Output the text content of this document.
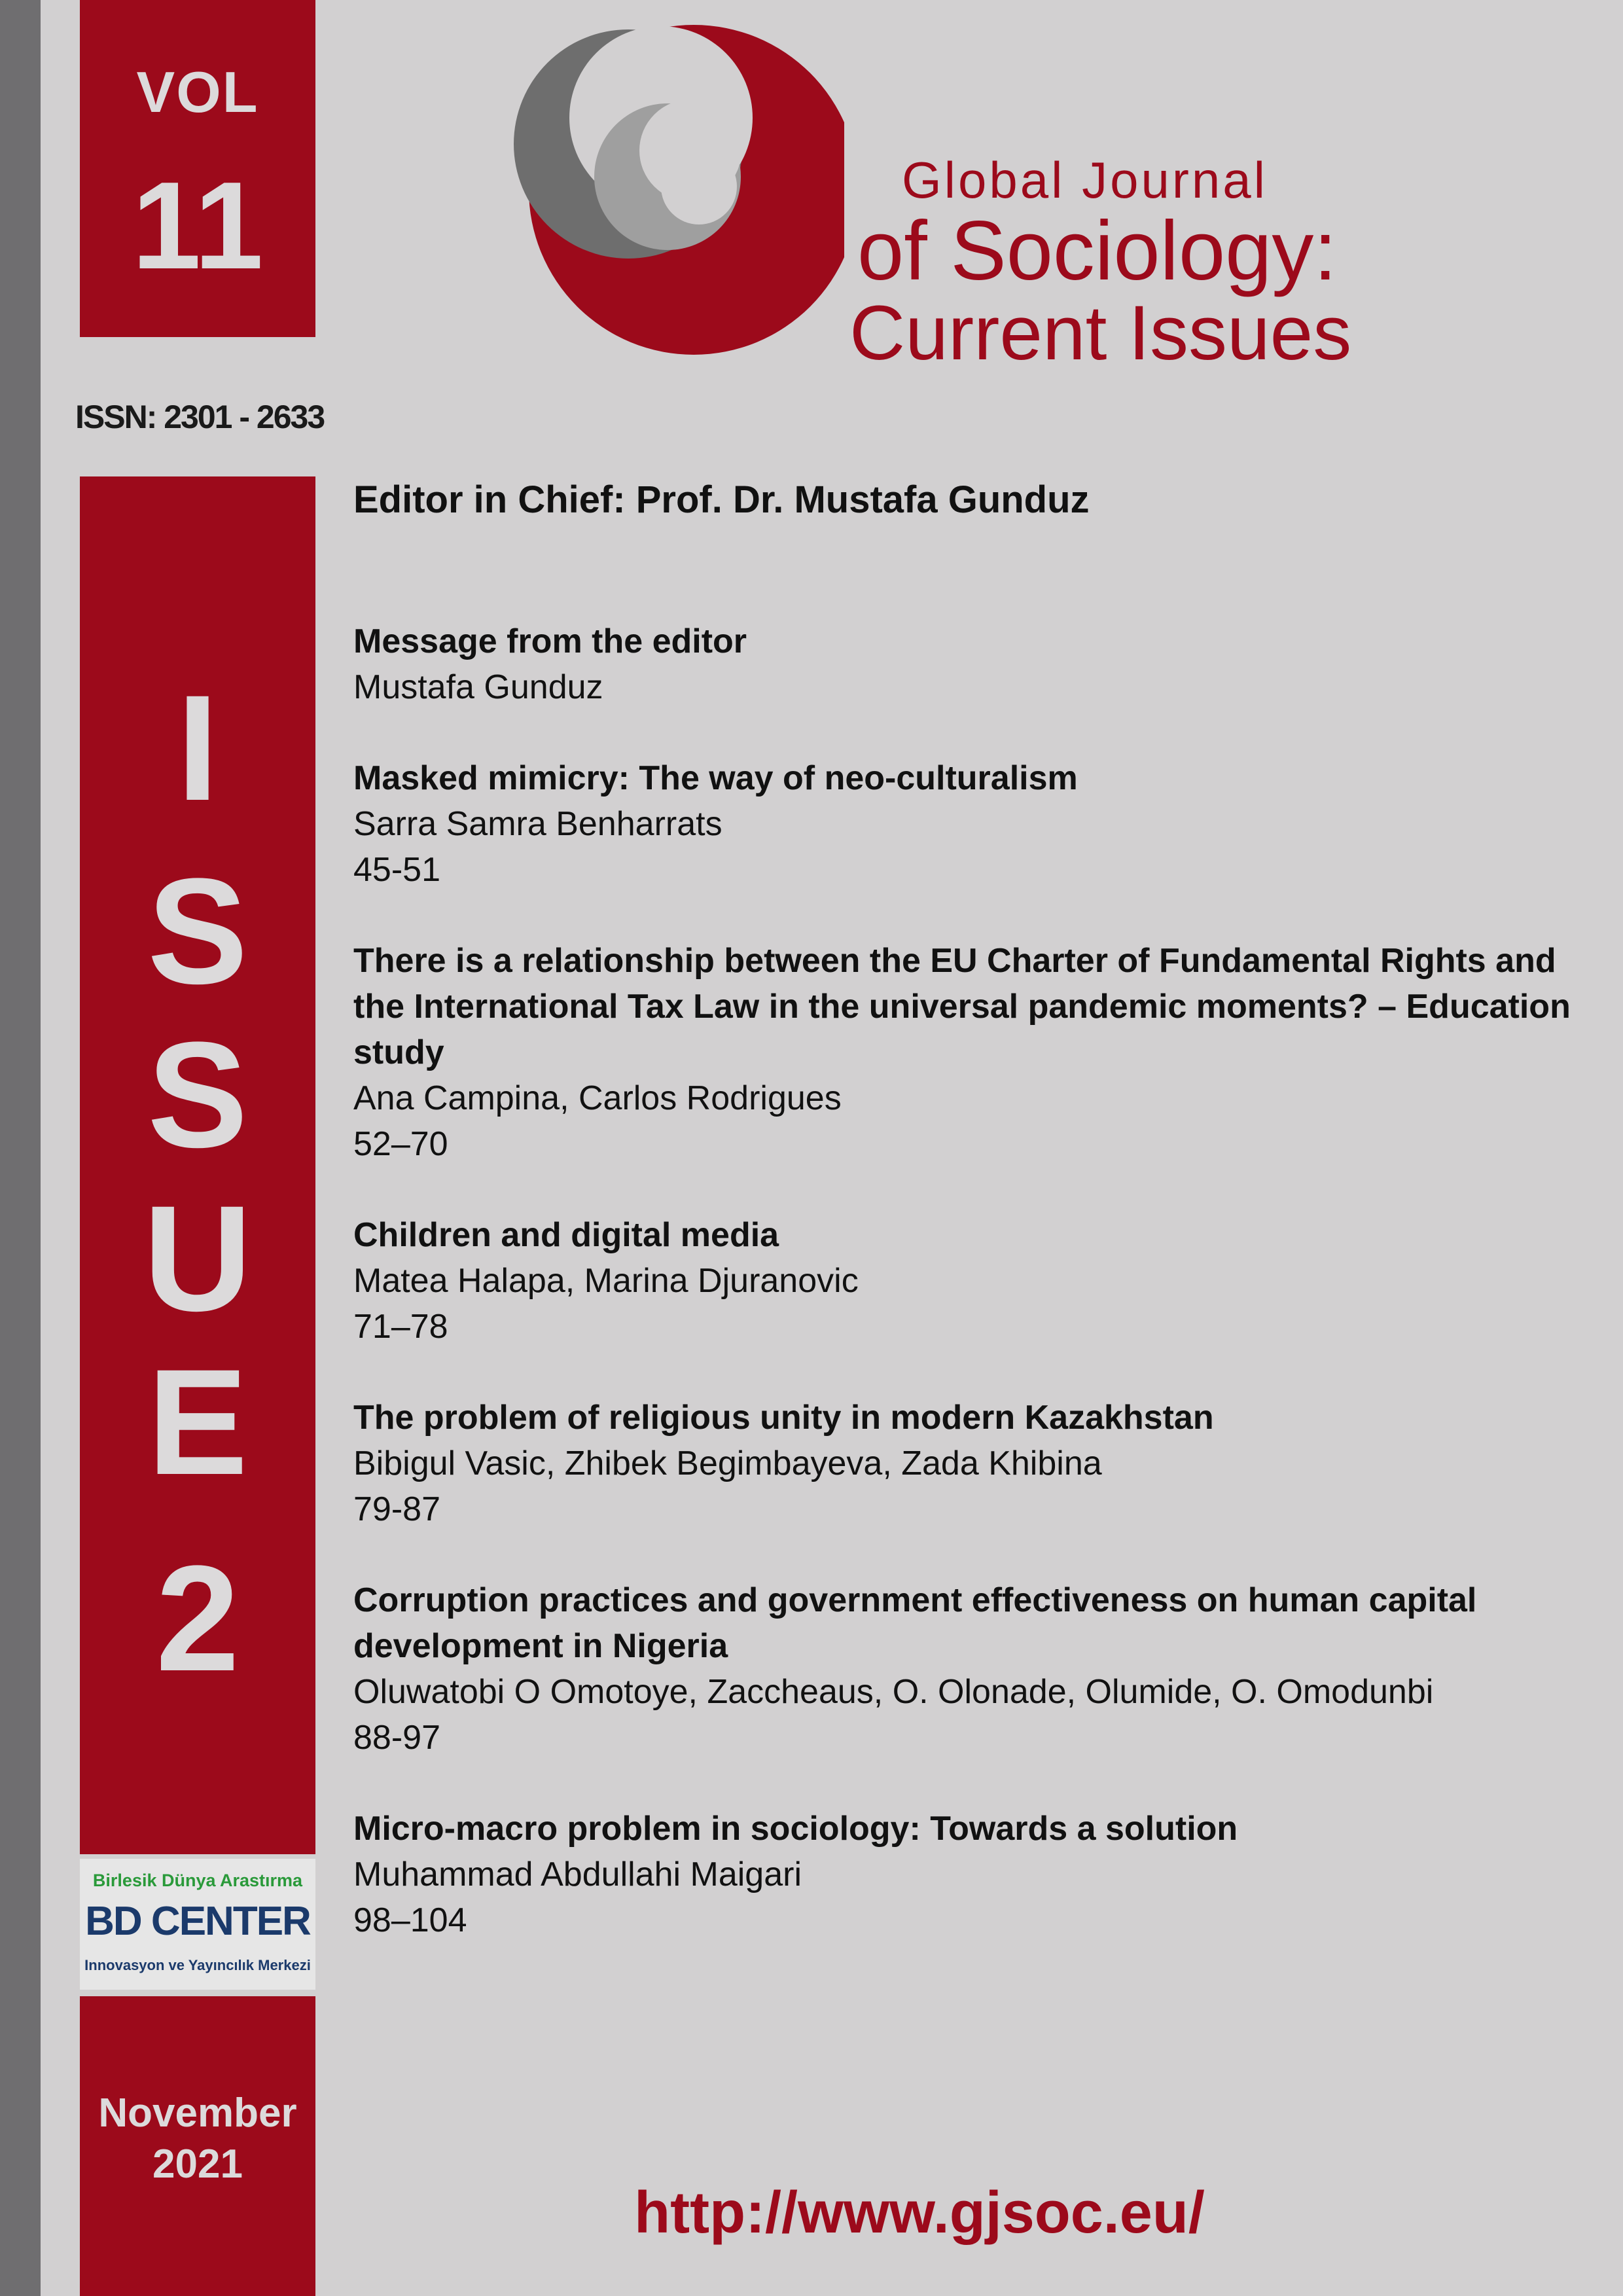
VOL
11
ISSN: 2301 - 2633
I
S
S
U
E
2
Birlesik Dünya Arastırma
BD CENTER
Innovasyon ve Yayıncılık Merkezi
November
2021
Global Journal
of Sociology:
Current Issues
Editor in Chief: Prof. Dr. Mustafa Gunduz
Message from the editor
Mustafa Gunduz
Masked mimicry: The way of neo-culturalism
Sarra Samra Benharrats
45-51
There is a relationship between the EU Charter of Fundamental Rights and the International Tax Law in the universal pandemic moments? – Education study
Ana Campina, Carlos Rodrigues
52–70
Children and digital media
Matea Halapa, Marina Djuranovic
71–78
The problem of religious unity in modern Kazakhstan
Bibigul Vasic, Zhibek Begimbayeva, Zada Khibina
79-87
Corruption practices and government effectiveness on human capital development in Nigeria
Oluwatobi O Omotoye, Zaccheaus, O. Olonade, Olumide, O. Omodunbi
88-97
Micro-macro problem in sociology: Towards a solution
Muhammad Abdullahi Maigari
98–104
http://www.gjsoc.eu/
